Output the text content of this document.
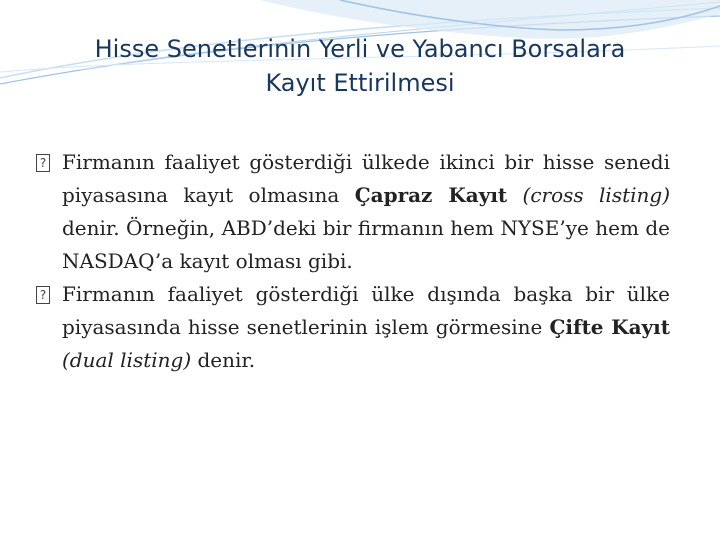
Hisse Senetlerinin Yerli ve Yabancı Borsalara
Kayıt Ettirilmesi

? Firmanın faaliyet gösterdiği ülkede ikinci bir hisse senedi piyasasına kayıt olmasına Çapraz Kayıt (cross listing) denir. Örneğin, ABD’deki bir firmanın hem NYSE’ye hem de NASDAQ’a kayıt olması gibi.

? Firmanın faaliyet gösterdiği ülke dışında başka bir ülke piyasasında hisse senetlerinin işlem görmesine Çifte Kayıt (dual listing) denir.
